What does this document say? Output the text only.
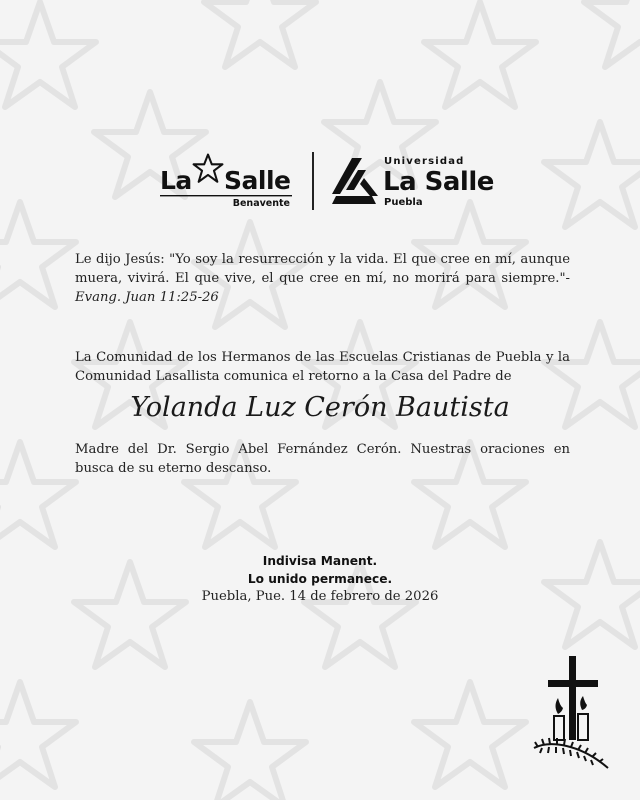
La Salle
Benavente
Universidad
La Salle
Puebla

Le dijo Jesús: "Yo soy la resurrección y la vida. El que cree en mí, aunque muera, vivirá. El que vive, el que cree en mí, no morirá para siempre."- Evang. Juan 11:25-26

La Comunidad de los Hermanos de las Escuelas Cristianas de Puebla y la Comunidad Lasallista comunica el retorno a la Casa del Padre de

Yolanda Luz Cerón Bautista

Madre del Dr. Sergio Abel Fernández Cerón. Nuestras oraciones en busca de su eterno descanso.

Indivisa Manent.
Lo unido permanece.
Puebla, Pue. 14 de febrero de 2026
